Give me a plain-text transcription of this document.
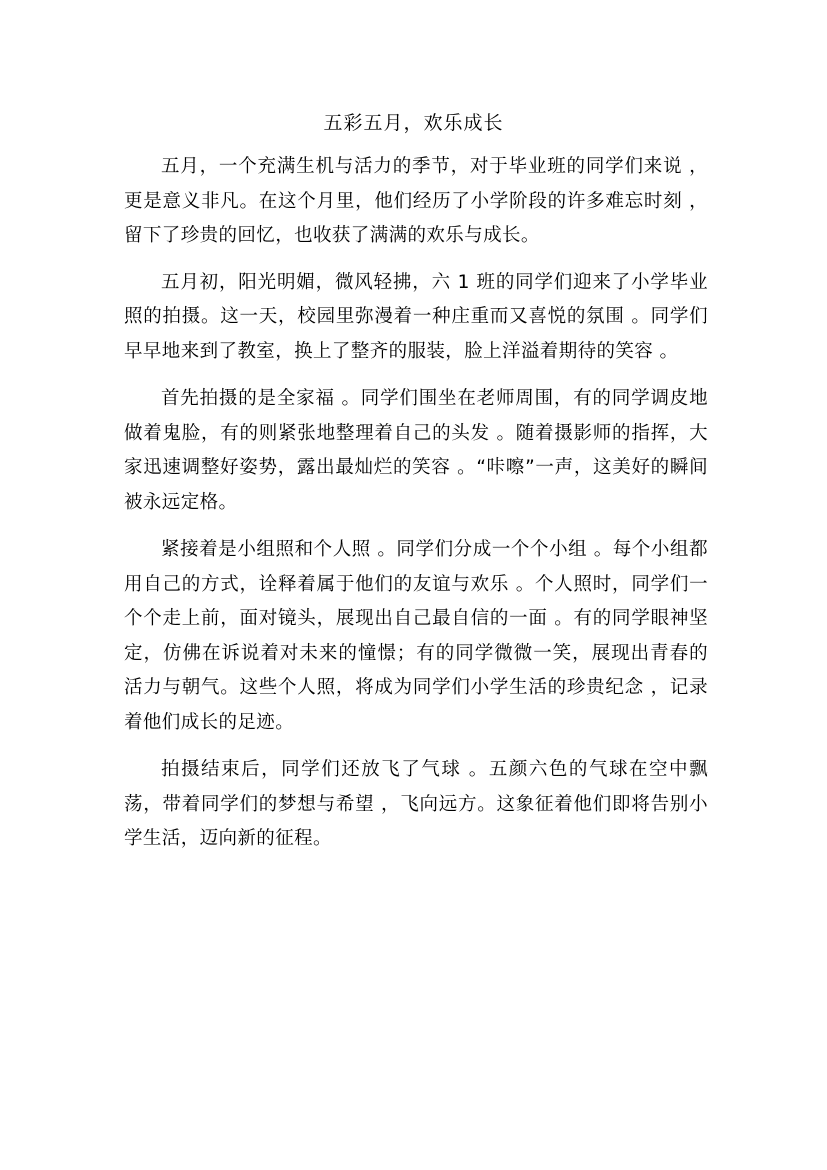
五彩五月，欢乐成长

五月，一个充满生机与活力的季节，对于毕业班的同学们来说 ，更是意义非凡。在这个月里，他们经历了小学阶段的许多难忘时刻 ，留下了珍贵的回忆，也收获了满满的欢乐与成长。

五月初，阳光明媚，微风轻拂，六 1 班的同学们迎来了小学毕业照的拍摄。这一天，校园里弥漫着一种庄重而又喜悦的氛围 。同学们早早地来到了教室，换上了整齐的服装，脸上洋溢着期待的笑容 。

首先拍摄的是全家福 。同学们围坐在老师周围，有的同学调皮地做着鬼脸，有的则紧张地整理着自己的头发 。随着摄影师的指挥，大家迅速调整好姿势，露出最灿烂的笑容 。“咔嚓”一声，这美好的瞬间被永远定格。

紧接着是小组照和个人照 。同学们分成一个个小组 。每个小组都用自己的方式，诠释着属于他们的友谊与欢乐 。个人照时，同学们一个个走上前，面对镜头，展现出自己最自信的一面 。有的同学眼神坚定，仿佛在诉说着对未来的憧憬；有的同学微微一笑，展现出青春的活力与朝气。这些个人照，将成为同学们小学生活的珍贵纪念 ，记录着他们成长的足迹。

拍摄结束后，同学们还放飞了气球 。五颜六色的气球在空中飘荡，带着同学们的梦想与希望 ，飞向远方。这象征着他们即将告别小学生活，迈向新的征程。
